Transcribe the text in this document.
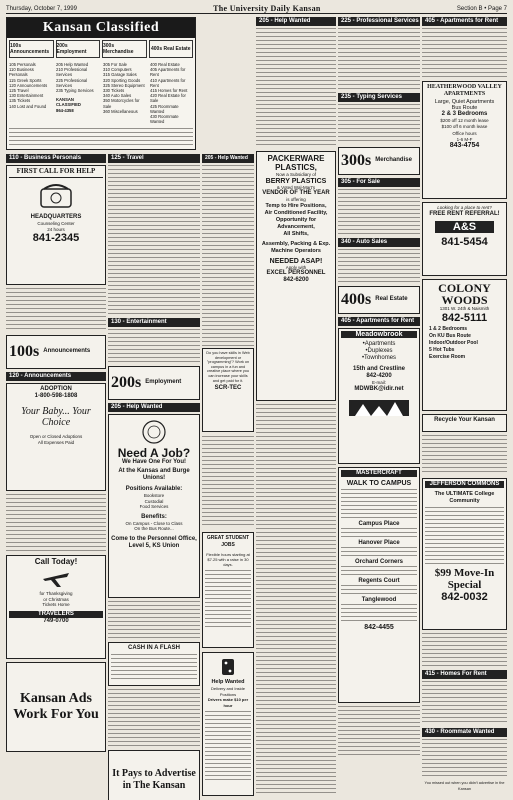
Thursday, October 7, 1999	The University Daily Kansan	Section B • Page 7
Kansan Classified
100s Announcements
200s Employment
300s Merchandise	400s Real Estate
105 Personals
110 Business Personals
115 Greek Sports
120 Announcements
125 Travel
130 Entertainment
135 Tickets
140 Lost and Found
205 Help Wanted
210 Professional Services
225 Professional Services
235 Typing Services
KANSAN CLASSIFIED
864-4358
305 For Sale
310 Computers
315 Garage Sales
320 Sporting Goods
325 Stereo Equipment
330 Tickets
340 Auto Sales
350 Motorcycles for Sale
360 Miscellaneous
400 Real Estate
405 Apartments for Rent
410 Apartments for Rent
415 Homes for Rent
420 Real Estate for Sale
425 Roommate Wanted
430 Roommate Wanted
110 - Business Personals
FIRST CALL FOR HELP
HEADQUARTERS
Counseling Center
24 hours
841-2345
100s Announcements
120 - Announcements
ADOPTION
1-800-598-1808
Your Baby... Your Choice
Open or Closed Adoptions
All Expenses Paid
Call Today!
for Thanksgiving
or Christmas
Tickets Home
TRAVELERS
749-0700
Kansan Ads
Work For You
125 - Travel
130 - Entertainment
200s Employment
205 - Help Wanted
Need A Job?
We Have One For You!
At the Kansas and Burge Unions!
Positions Available:
Bookstore
Custodial
Food Services
Benefits:
On Campus - Close to Class
On the Bus Route...
Come to the Personnel Office, Level 5, KS Union
CASH IN A FLASH
It Pays to Advertise in The Kansan
205 - Help Wanted
Do you have skills in Web development or "programming"? Work on campus in a fun and creative place where you can increase your skills and get paid for it.
SCR-TEC
GREAT STUDENT JOBS
Flexible hours starting at $7.25 with a raise in 30 days.
Help Wanted
Delivery and Inside Positions
Drivers make $10 per hour
205 - Help Wanted
PACKERWARE PLASTICS,
Now a Subsidiary of
BERRY PLASTICS
& Voted Wal-Mart's
VENDOR OF THE YEAR
is offering
Temp to Hire Positions,
Air Conditioned Facility,
Opportunity for Advancement,
All Shifts,
Assembly, Packing & Exp. Machine Operators
NEEDED ASAP!
Apply with
EXCEL PERSONNEL
842-6200
225 - Professional Services
235 - Typing Services
300s Merchandise
305 - For Sale
340 - Auto Sales
400s Real Estate
405 - Apartments for Rent
Meadowbrook
•Apartments
•Duplexes
•Townhomes
15th and Crestline
842-4200
E-mail:
MDWBK@idir.net
MASTERCRAFT
WALK TO CAMPUS
Campus Place
Hanover Place
Orchard Corners
Regents Court
Tanglewood
842-4455
405 - Apartments for Rent
HEATHERWOOD VALLEY APARTMENTS
Large, Quiet Apartments
Bus Route
2 & 3 Bedrooms
$200 off 12 month lease
$100 off 6 month lease
Office hours
1-6 M-F
843-4754
Looking for a place to rent?
FREE RENT REFERRAL!
A&S
841-5454
COLONY WOODS
1301 W. 24th & Naismith
842-5111
1 & 2 Bedrooms
On KU Bus Route
Indoor/Outdoor Pool
5 Hot Tubs
Exercise Room
Recycle Your Kansan
JEFFERSON COMMONS
The ULTIMATE College Community
$99 Move-In Special
842-0032
415 - Homes For Rent
430 - Roommate Wanted
You missed out when you didn't advertise in the Kansan
